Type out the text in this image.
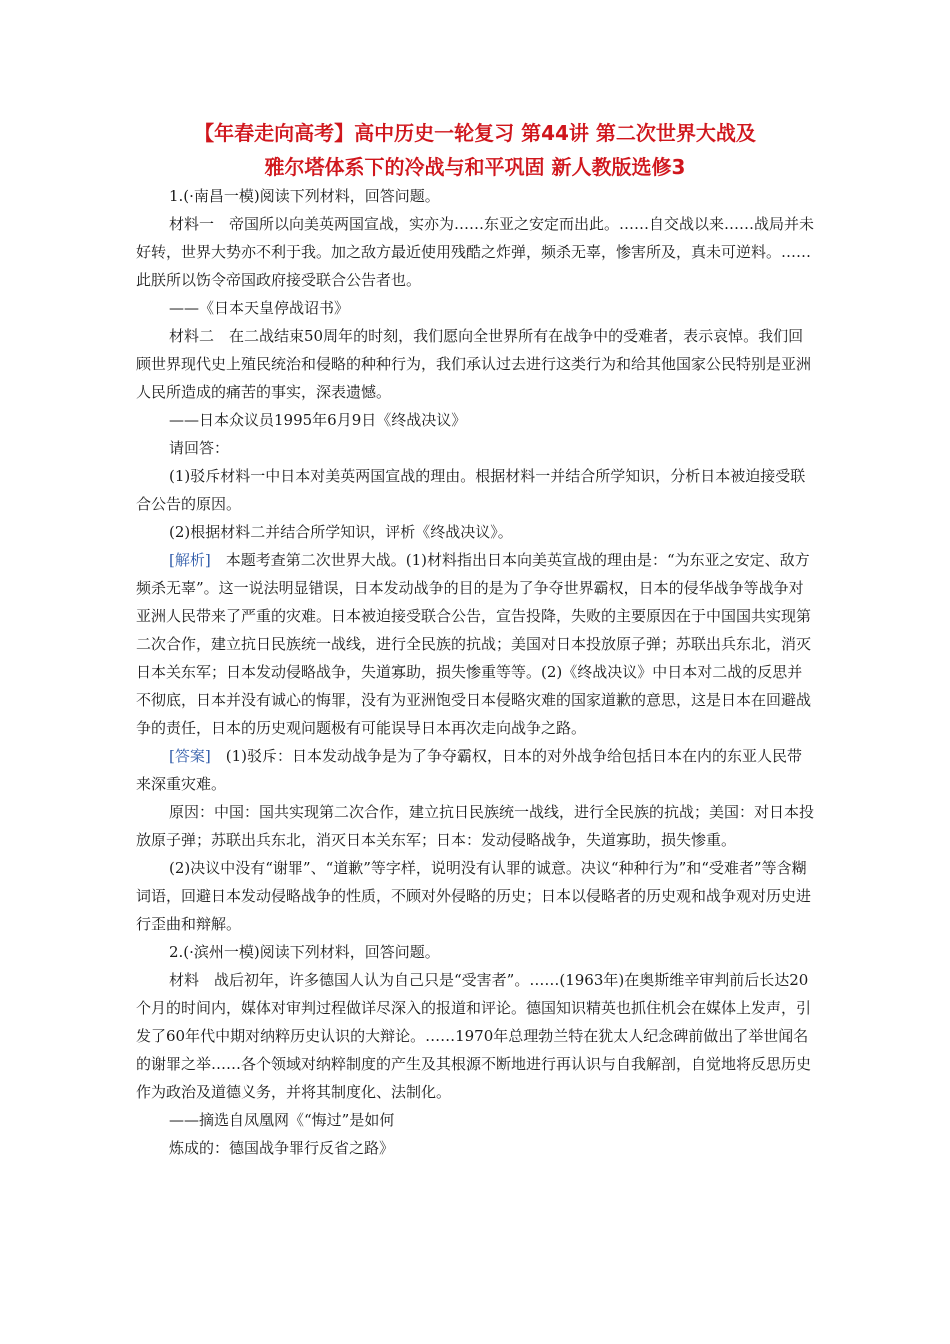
【年春走向高考】高中历史一轮复习 第44讲 第二次世界大战及
雅尔塔体系下的冷战与和平巩固 新人教版选修3

1.(·南昌一模)阅读下列材料，回答问题。

材料一　帝国所以向美英两国宣战，实亦为……东亚之安定而出此。……自交战以来……战局并未好转，世界大势亦不利于我。加之敌方最近使用残酷之炸弹，频杀无辜，惨害所及，真未可逆料。……此朕所以饬令帝国政府接受联合公告者也。

——《日本天皇停战诏书》

材料二　在二战结束50周年的时刻，我们愿向全世界所有在战争中的受难者，表示哀悼。我们回顾世界现代史上殖民统治和侵略的种种行为，我们承认过去进行这类行为和给其他国家公民特别是亚洲人民所造成的痛苦的事实，深表遗憾。

——日本众议员1995年6月9日《终战决议》

请回答：

(1)驳斥材料一中日本对美英两国宣战的理由。根据材料一并结合所学知识，分析日本被迫接受联合公告的原因。

(2)根据材料二并结合所学知识，评析《终战决议》。

[解析]　本题考查第二次世界大战。(1)材料指出日本向美英宣战的理由是：“为东亚之安定、敌方频杀无辜”。这一说法明显错误，日本发动战争的目的是为了争夺世界霸权，日本的侵华战争等战争对亚洲人民带来了严重的灾难。日本被迫接受联合公告，宣告投降，失败的主要原因在于中国国共实现第二次合作，建立抗日民族统一战线，进行全民族的抗战；美国对日本投放原子弹；苏联出兵东北，消灭日本关东军；日本发动侵略战争，失道寡助，损失惨重等等。(2)《终战决议》中日本对二战的反思并不彻底，日本并没有诚心的悔罪，没有为亚洲饱受日本侵略灾难的国家道歉的意思，这是日本在回避战争的责任，日本的历史观问题极有可能误导日本再次走向战争之路。

[答案]　(1)驳斥：日本发动战争是为了争夺霸权，日本的对外战争给包括日本在内的东亚人民带来深重灾难。

原因：中国：国共实现第二次合作，建立抗日民族统一战线，进行全民族的抗战；美国：对日本投放原子弹；苏联出兵东北，消灭日本关东军；日本：发动侵略战争，失道寡助，损失惨重。

(2)决议中没有“谢罪”、“道歉”等字样，说明没有认罪的诚意。决议“种种行为”和“受难者”等含糊词语，回避日本发动侵略战争的性质，不顾对外侵略的历史；日本以侵略者的历史观和战争观对历史进行歪曲和辩解。

2.(·滨州一模)阅读下列材料，回答问题。

材料　战后初年，许多德国人认为自己只是“受害者”。……(1963年)在奥斯维辛审判前后长达20个月的时间内，媒体对审判过程做详尽深入的报道和评论。德国知识精英也抓住机会在媒体上发声，引发了60年代中期对纳粹历史认识的大辩论。……1970年总理勃兰特在犹太人纪念碑前做出了举世闻名的谢罪之举……各个领域对纳粹制度的产生及其根源不断地进行再认识与自我解剖，自觉地将反思历史作为政治及道德义务，并将其制度化、法制化。

——摘选自凤凰网《“悔过”是如何

炼成的：德国战争罪行反省之路》
